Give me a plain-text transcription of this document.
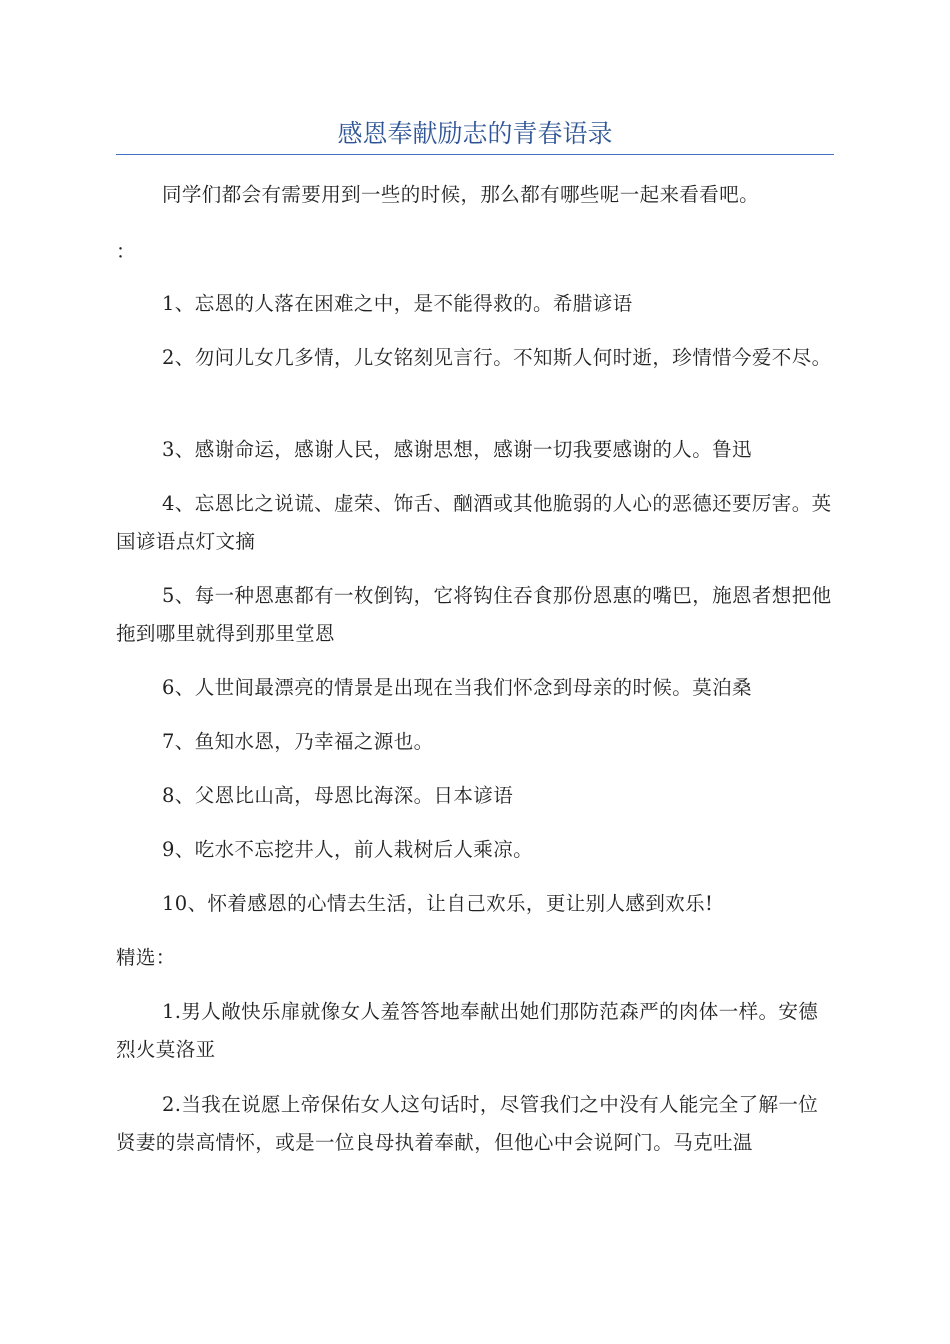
感恩奉献励志的青春语录

同学们都会有需要用到一些的时候，那么都有哪些呢一起来看看吧。

：

1、忘恩的人落在困难之中，是不能得救的。希腊谚语

2、勿问儿女几多情，儿女铭刻见言行。不知斯人何时逝，珍情惜今爱不尽。

3、感谢命运，感谢人民，感谢思想，感谢一切我要感谢的人。鲁迅

4、忘恩比之说谎、虚荣、饰舌、酗酒或其他脆弱的人心的恶德还要厉害。英国谚语点灯文摘

5、每一种恩惠都有一枚倒钩，它将钩住吞食那份恩惠的嘴巴，施恩者想把他拖到哪里就得到那里堂恩

6、人世间最漂亮的情景是出现在当我们怀念到母亲的时候。莫泊桑

7、鱼知水恩，乃幸福之源也。

8、父恩比山高，母恩比海深。日本谚语

9、吃水不忘挖井人，前人栽树后人乘凉。

10、怀着感恩的心情去生活，让自己欢乐，更让别人感到欢乐!

精选：

1.男人敞快乐扉就像女人羞答答地奉献出她们那防范森严的肉体一样。安德烈火莫洛亚

2.当我在说愿上帝保佑女人这句话时，尽管我们之中没有人能完全了解一位贤妻的崇高情怀，或是一位良母执着奉献，但他心中会说阿门。马克吐温
